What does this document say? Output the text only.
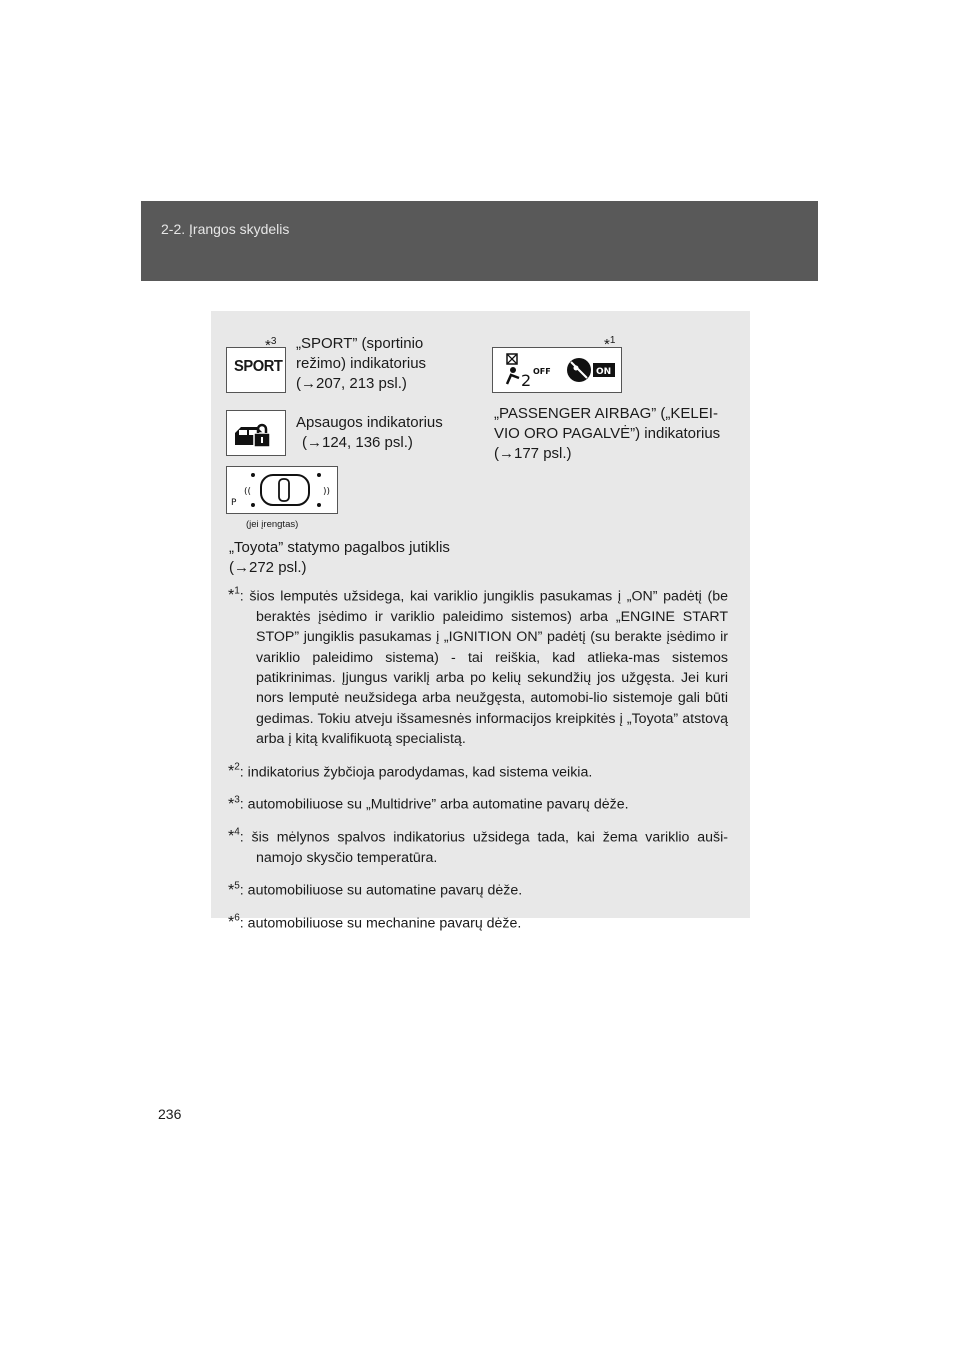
2-2. Įrangos skydelis
SPORT
*$^3$ „SPORT” (sportinio
režimo) indikatorius
(→207, 213 psl.)
Apsaugos indikatorius
(→124, 136 psl.)
((	))
P
(jei įrengtas)
„Toyota” statymo pagalbos jutiklis
(→272 psl.)
2 OFF	ON
*$^1$
„PASSENGER AIRBAG” („KELEI-
VIO ORO PAGALVĖ”) indikatorius
(→177 psl.)

*$^1$: šios lemputės užsidega, kai variklio jungiklis pasukamas į „ON” padėtį (be beraktės įsėdimo ir variklio paleidimo sistemos) arba „ENGINE START STOP” jungiklis pasukamas į „IGNITION ON” padėtį (su berakte įsėdimo ir variklio paleidimo sistema) - tai reiškia, kad atlieka-mas sistemos patikrinimas. Įjungus variklį arba po kelių sekundžių jos užgęsta. Jei kuri nors lemputė neužsidega arba neužgęsta, automobi-lio sistemoje gali būti gedimas. Tokiu atveju išsamesnės informacijos kreipkitės į „Toyota” atstovą arba į kitą kvalifikuotą specialistą.

*$^2$: indikatorius žybčioja parodydamas, kad sistema veikia.

*$^3$: automobiliuose su „Multidrive” arba automatine pavarų dėže.

*$^4$: šis mėlynos spalvos indikatorius užsidega tada, kai žema variklio auši-namojo skysčio temperatūra.

*$^5$: automobiliuose su automatine pavarų dėže.

*$^6$: automobiliuose su mechanine pavarų dėže.

236
